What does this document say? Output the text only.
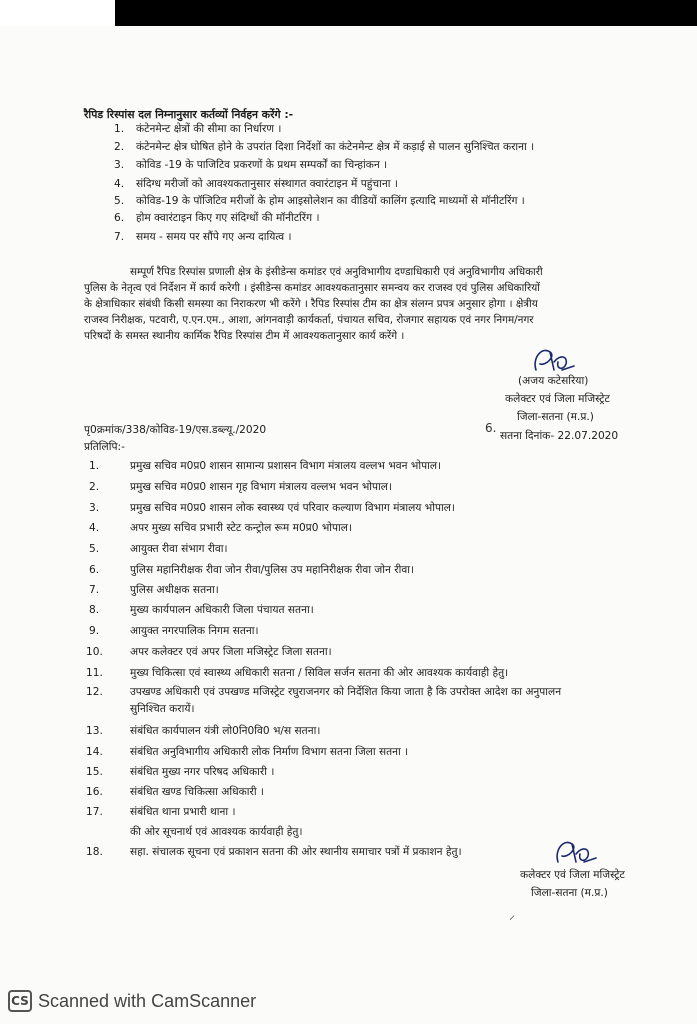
रैपिड रिस्पांस दल निम्नानुसार कर्तव्यों निर्वहन करेंगे :-
1. कंटेनमेन्ट क्षेत्रों की सीमा का निर्धारण ।
2. कंटेनमेन्ट क्षेत्र घोषित होने के उपरांत दिशा निर्देशों का कंटेनमेन्ट क्षेत्र में कड़ाई से पालन सुनिश्चित कराना ।
3. कोविड -19 के पाजिटिव प्रकरणों के प्रथम सम्पर्कों का चिन्हांकन ।
4. संदिग्ध मरीजों को आवश्यकतानुसार संस्थागत क्वारंटाइन में पहुंचाना ।
5. कोविड-19 के पॉजिटिव मरीजों के होम आइसोलेशन का वीडियों कालिंग इत्यादि माध्यमों से मॉनीटरिंग ।
6. होम क्वारंटाइन किए गए संदिग्धों की मॉनीटरिंग ।
7. समय - समय पर सौंपे गए अन्य दायित्व ।
सम्पूर्ण रैपिड रिस्पांस प्रणाली क्षेत्र के इंसीडेन्स कमांडर एवं अनुविभागीय दण्डाधिकारी एवं अनुविभागीय अधिकारी
पुलिस के नेतृत्व एवं निर्देशन में कार्य करेगी । इंसीडेन्स कमांडर आवश्यकतानुसार समन्वय कर राजस्व एवं पुलिस अधिकारियों
के क्षेत्राधिकार संबंधी किसी समस्या का निराकरण भी करेंगे । रैपिड रिस्पांस टीम का क्षेत्र संलग्न प्रपत्र अनुसार होगा । क्षेत्रीय
राजस्व निरीक्षक, पटवारी, ए.एन.एम., आशा, आंगनवाड़ी कार्यकर्ता, पंचायत सचिव, रोजगार सहायक एवं नगर निगम/नगर
परिषदों के समस्त स्थानीय कार्मिक रैपिड रिस्पांस टीम में आवश्यकतानुसार कार्य करेंगे ।
(अजय कटेसरिया)
कलेक्टर एवं जिला मजिस्ट्रेट
जिला-सतना (म.प्र.)
6.
सतना दिनांक- 22.07.2020
पृ0क्रमांक/338/कोविड-19/एस.डब्ल्यू./2020
प्रतिलिपि:-
1.	प्रमुख सचिव म0प्र0 शासन सामान्य प्रशासन विभाग मंत्रालय वल्लभ भवन भोपाल।
2.	प्रमुख सचिव म0प्र0 शासन गृह विभाग मंत्रालय वल्लभ भवन भोपाल।
3.	प्रमुख सचिव म0प्र0 शासन लोक स्वास्थ्य एवं परिवार कल्याण विभाग मंत्रालय भोपाल।
4.	अपर मुख्य सचिव प्रभारी स्टेट कन्ट्रोल रूम म0प्र0 भोपाल।
5.	आयुक्त रीवा संभाग रीवा।
6.	पुलिस महानिरीक्षक रीवा जोन रीवा/पुलिस उप महानिरीक्षक रीवा जोन रीवा।
7.	पुलिस अधीक्षक सतना।
8.	मुख्य कार्यपालन अधिकारी जिला पंचायत सतना।
9.	आयुक्त नगरपालिक निगम सतना।
10.	अपर कलेक्टर एवं अपर जिला मजिस्ट्रेट जिला सतना।
11.	मुख्य चिकित्सा एवं स्वास्थ्य अधिकारी सतना / सिविल सर्जन सतना की ओर आवश्यक कार्यवाही हेतु।
12.	उपखण्ड अधिकारी एवं उपखण्ड मजिस्ट्रेट रघुराजनगर को निर्देशित किया जाता है कि उपरोक्त आदेश का अनुपालन
सुनिश्चित करायें।
13.	संबंधित कार्यपालन यंत्री लो0नि0वि0 भ/स सतना।
14.	संबंधित अनुविभागीय अधिकारी लोक निर्माण विभाग सतना जिला सतना ।
15.	संबंधित मुख्य नगर परिषद अधिकारी ।
16.	संबंधित खण्ड चिकित्सा अधिकारी ।
17.	संबंधित थाना प्रभारी थाना ।
की ओर सूचनार्थ एवं आवश्यक कार्यवाही हेतु।
18.	सहा. संचालक सूचना एवं प्रकाशन सतना की ओर स्थानीय समाचार पत्रों में प्रकाशन हेतु।
कलेक्टर एवं जिला मजिस्ट्रेट
जिला-सतना (म.प्र.)
⸝
CS Scanned with CamScanner
